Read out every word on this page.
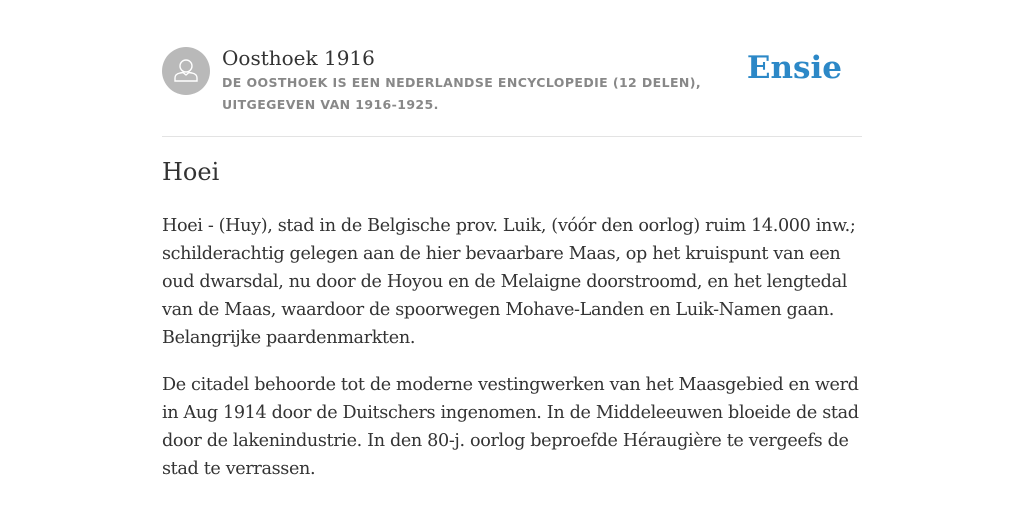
Oosthoek 1916
DE OOSTHOEK IS EEN NEDERLANDSE ENCYCLOPEDIE (12 DELEN), UITGEGEVEN VAN 1916-1925.
Ensie
Hoei

Hoei - (Huy), stad in de Belgische prov. Luik, (vóór den oorlog) ruim 14.000 inw.; schilderachtig gelegen aan de hier bevaarbare Maas, op het kruispunt van een oud dwarsdal, nu door de Hoyou en de Melaigne doorstroomd, en het lengtedal van de Maas, waardoor de spoorwegen Mohave-Landen en Luik-Namen gaan. Belangrijke paardenmarkten.

De citadel behoorde tot de moderne vestingwerken van het Maasgebied en werd in Aug 1914 door de Duitschers ingenomen. In de Middeleeuwen bloeide de stad door de lakenindustrie. In den 80-j. oorlog beproefde Héraugière te vergeefs de stad te verrassen.
